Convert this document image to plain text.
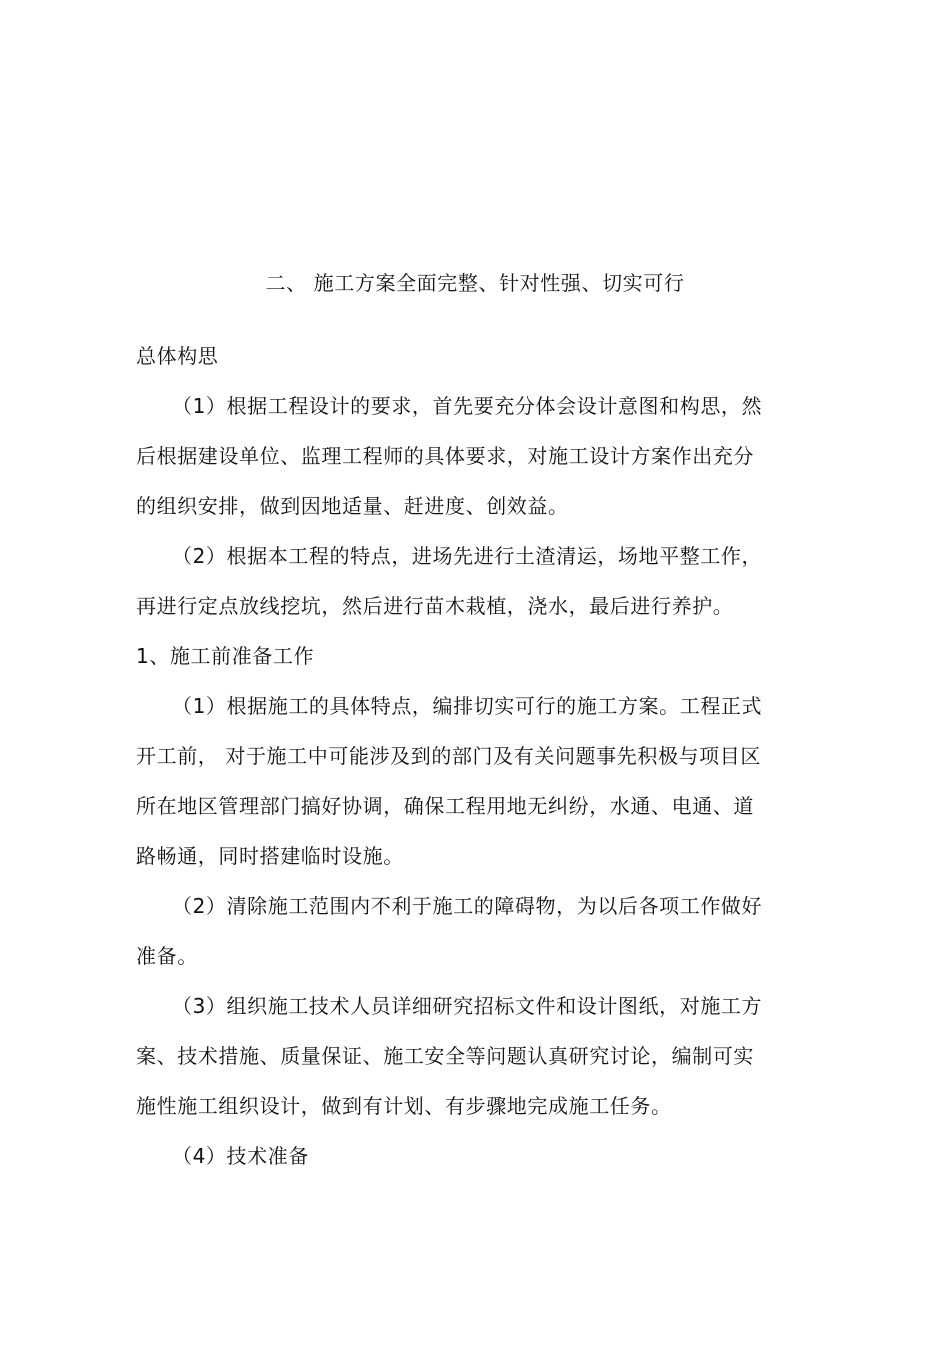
二、 施工方案全面完整、针对性强、切实可行
总体构思
（1）根据工程设计的要求，首先要充分体会设计意图和构思，然
后根据建设单位、监理工程师的具体要求，对施工设计方案作出充分
的组织安排，做到因地适量、赶进度、创效益。
（2）根据本工程的特点，进场先进行土渣清运，场地平整工作，
再进行定点放线挖坑，然后进行苗木栽植，浇水，最后进行养护。
1、施工前准备工作
（1）根据施工的具体特点，编排切实可行的施工方案。工程正式
开工前， 对于施工中可能涉及到的部门及有关问题事先积极与项目区
所在地区管理部门搞好协调，确保工程用地无纠纷，水通、电通、道
路畅通，同时搭建临时设施。
（2）清除施工范围内不利于施工的障碍物，为以后各项工作做好
准备。
（3）组织施工技术人员详细研究招标文件和设计图纸，对施工方
案、技术措施、质量保证、施工安全等问题认真研究讨论，编制可实
施性施工组织设计，做到有计划、有步骤地完成施工任务。
（4）技术准备
